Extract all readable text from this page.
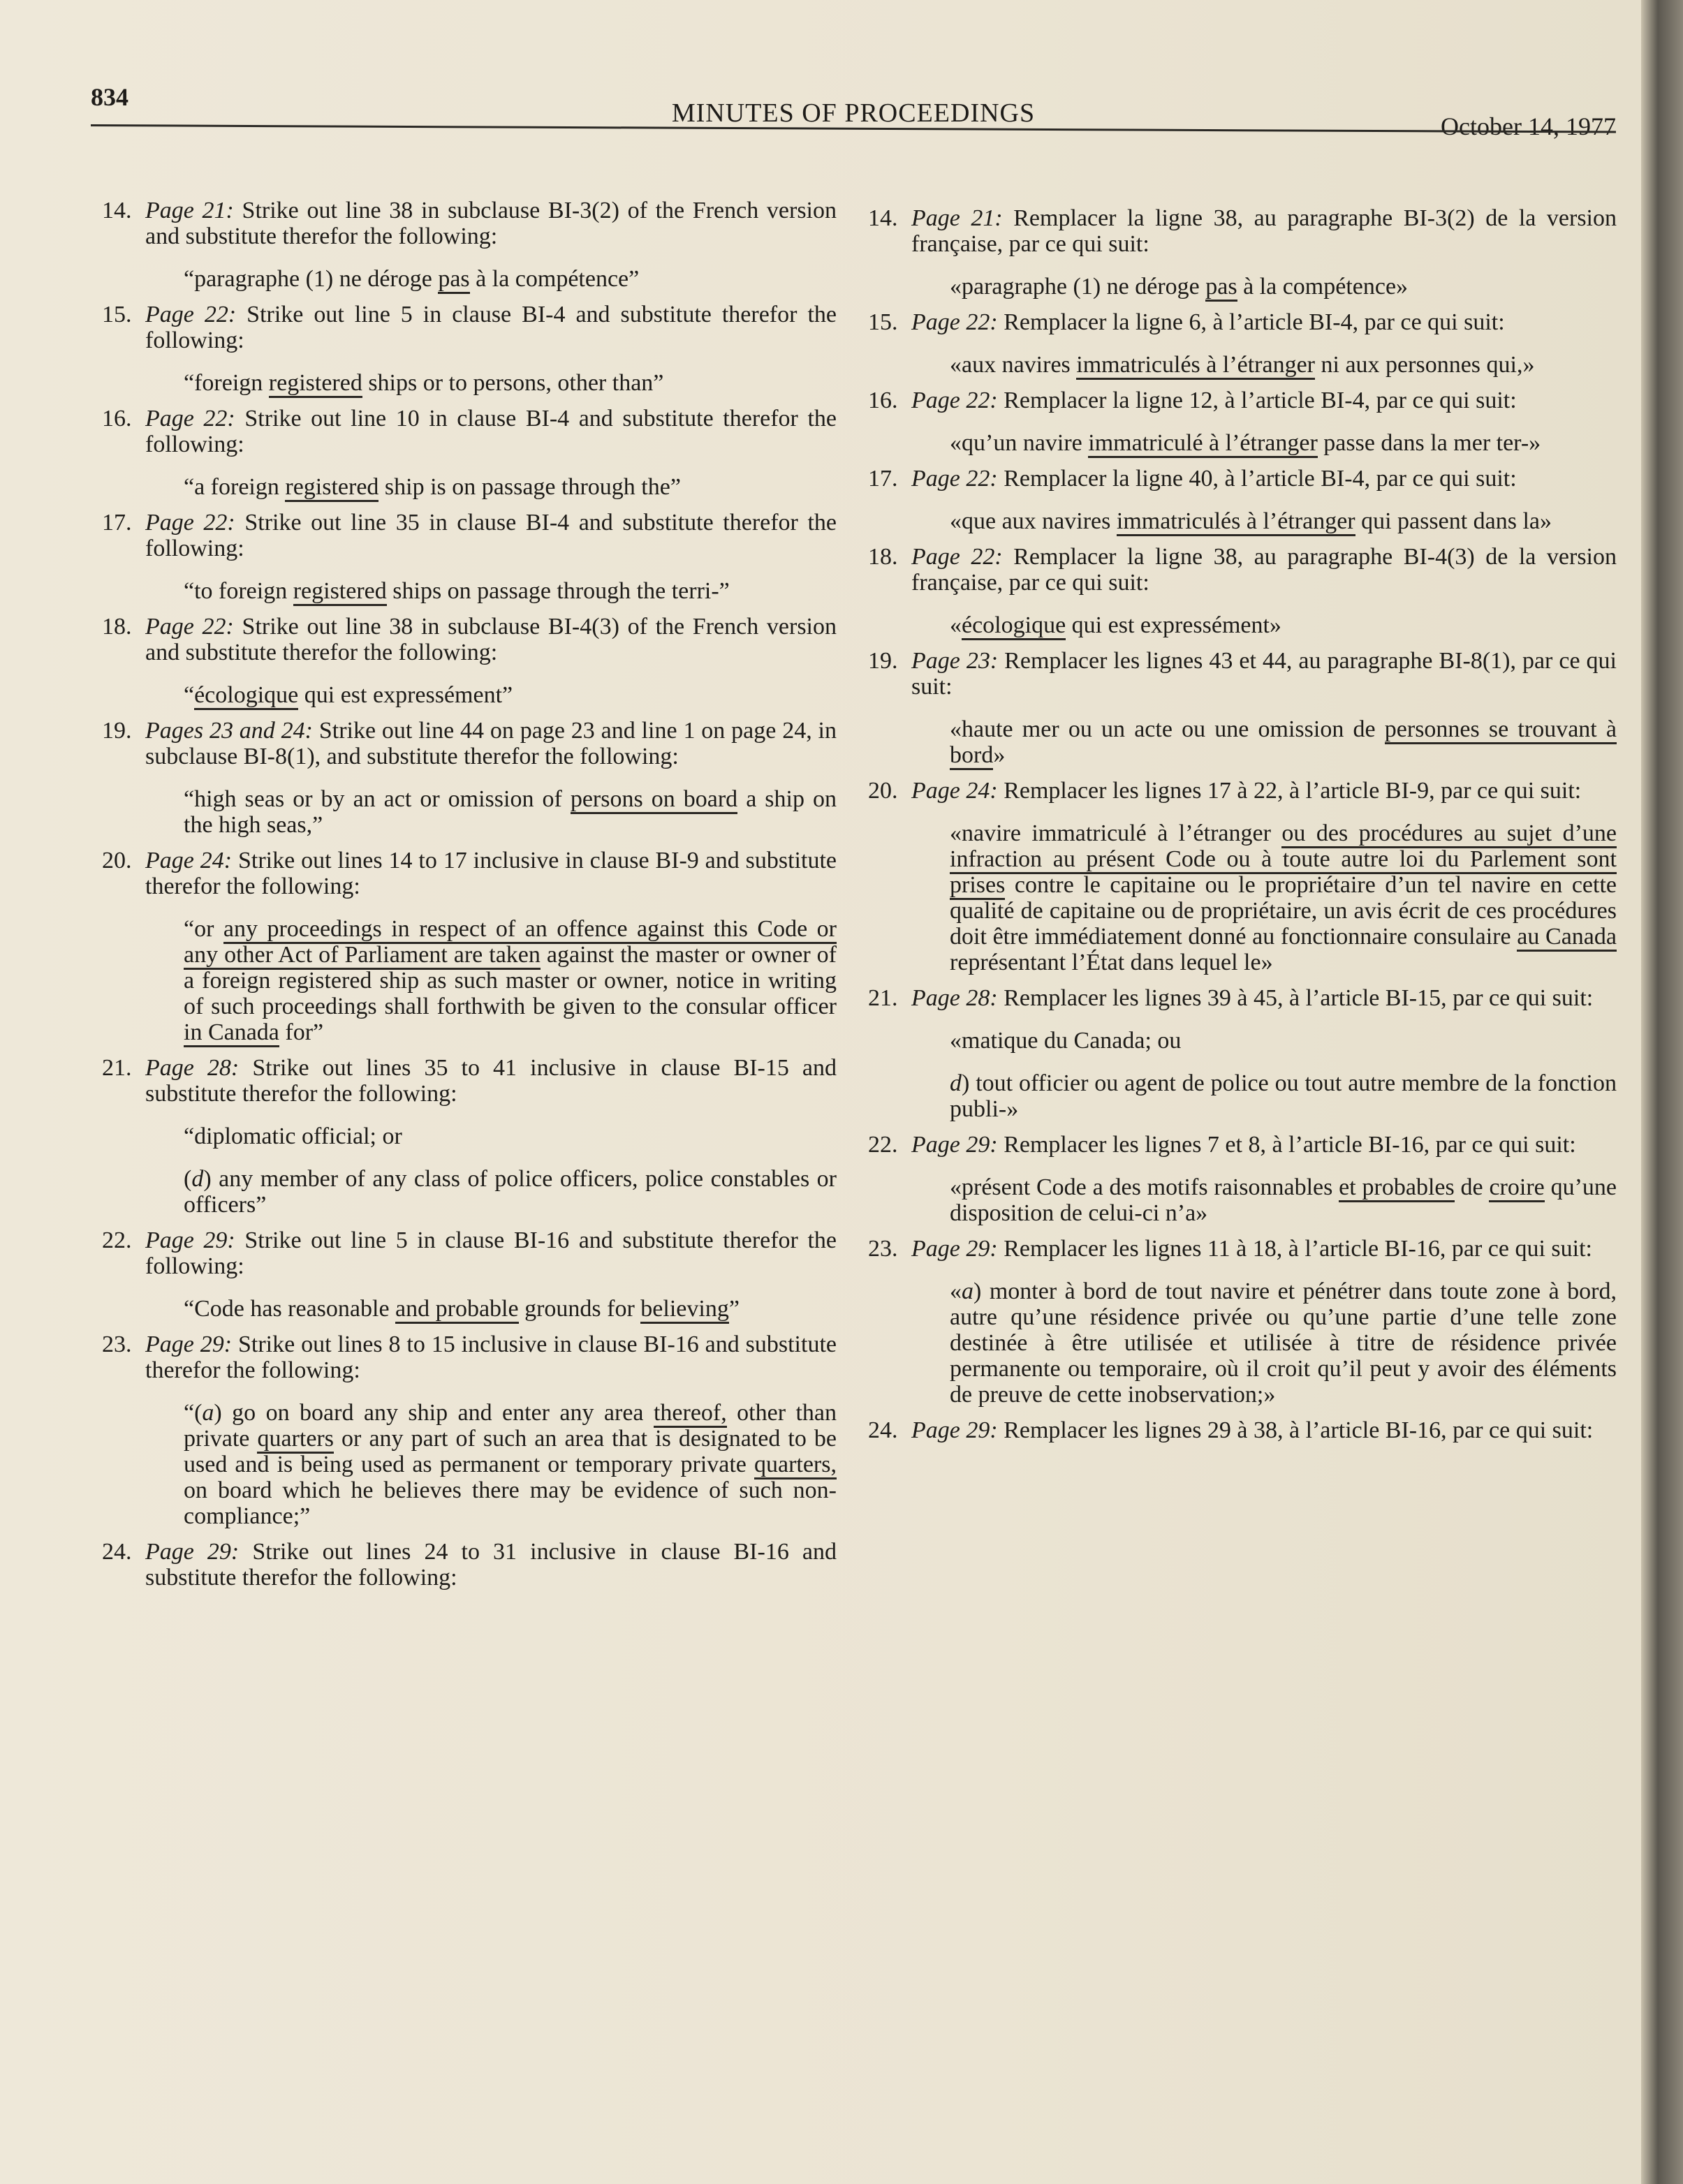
834
MINUTES OF PROCEEDINGS	October 14, 1977
14. Page 21: Strike out line 38 in subclause BI-3(2) of the French version and substitute therefor the following:
“paragraphe (1) ne déroge pas à la compétence”
15. Page 22: Strike out line 5 in clause BI-4 and substitute therefor the following:
“foreign registered ships or to persons, other than”
16. Page 22: Strike out line 10 in clause BI-4 and substitute therefor the following:
“a foreign registered ship is on passage through the”
17. Page 22: Strike out line 35 in clause BI-4 and substitute therefor the following:
“to foreign registered ships on passage through the terri-”
18. Page 22: Strike out line 38 in subclause BI-4(3) of the French version and substitute therefor the following:
“écologique qui est expressément”
19. Pages 23 and 24: Strike out line 44 on page 23 and line 1 on page 24, in subclause BI-8(1), and substitute therefor the following:
“high seas or by an act or omission of persons on board a ship on the high seas,”
20. Page 24: Strike out lines 14 to 17 inclusive in clause BI-9 and substitute therefor the following:
“or any proceedings in respect of an offence against this Code or any other Act of Parliament are taken against the master or owner of a foreign registered ship as such master or owner, notice in writing of such proceedings shall forthwith be given to the consular officer in Canada for”
21. Page 28: Strike out lines 35 to 41 inclusive in clause BI-15 and substitute therefor the following:
“diplomatic official; or
(d) any member of any class of police officers, police constables or officers”
22. Page 29: Strike out line 5 in clause BI-16 and substitute therefor the following:
“Code has reasonable and probable grounds for believing”
23. Page 29: Strike out lines 8 to 15 inclusive in clause BI-16 and substitute therefor the following:
“(a) go on board any ship and enter any area thereof, other than private quarters or any part of such an area that is designated to be used and is being used as permanent or temporary private quarters, on board which he believes there may be evidence of such non-compliance;”
24. Page 29: Strike out lines 24 to 31 inclusive in clause BI-16 and substitute therefor the following:
14. Page 21: Remplacer la ligne 38, au paragraphe BI-3(2) de la version française, par ce qui suit:
«paragraphe (1) ne déroge pas à la compétence»
15. Page 22: Remplacer la ligne 6, à l’article BI-4, par ce qui suit:
«aux navires immatriculés à l’étranger ni aux personnes qui,»
16. Page 22: Remplacer la ligne 12, à l’article BI-4, par ce qui suit:
«qu’un navire immatriculé à l’étranger passe dans la mer ter-»
17. Page 22: Remplacer la ligne 40, à l’article BI-4, par ce qui suit:
«que aux navires immatriculés à l’étranger qui passent dans la»
18. Page 22: Remplacer la ligne 38, au paragraphe BI-4(3) de la version française, par ce qui suit:
«écologique qui est expressément»
19. Page 23: Remplacer les lignes 43 et 44, au paragraphe BI-8(1), par ce qui suit:
«haute mer ou un acte ou une omission de personnes se trouvant à bord»
20. Page 24: Remplacer les lignes 17 à 22, à l’article BI-9, par ce qui suit:
«navire immatriculé à l’étranger ou des procédures au sujet d’une infraction au présent Code ou à toute autre loi du Parlement sont prises contre le capitaine ou le propriétaire d’un tel navire en cette qualité de capitaine ou de propriétaire, un avis écrit de ces procédures doit être immédiatement donné au fonctionnaire consulaire au Canada représentant l’État dans lequel le»
21. Page 28: Remplacer les lignes 39 à 45, à l’article BI-15, par ce qui suit:
«matique du Canada; ou
d) tout officier ou agent de police ou tout autre membre de la fonction publi-»
22. Page 29: Remplacer les lignes 7 et 8, à l’article BI-16, par ce qui suit:
«présent Code a des motifs raisonnables et probables de croire qu’une disposition de celui-ci n’a»
23. Page 29: Remplacer les lignes 11 à 18, à l’article BI-16, par ce qui suit:
«a) monter à bord de tout navire et pénétrer dans toute zone à bord, autre qu’une résidence privée ou qu’une partie d’une telle zone destinée à être utilisée et utilisée à titre de résidence privée permanente ou temporaire, où il croit qu’il peut y avoir des éléments de preuve de cette inobservation;»
24. Page 29: Remplacer les lignes 29 à 38, à l’article BI-16, par ce qui suit:
